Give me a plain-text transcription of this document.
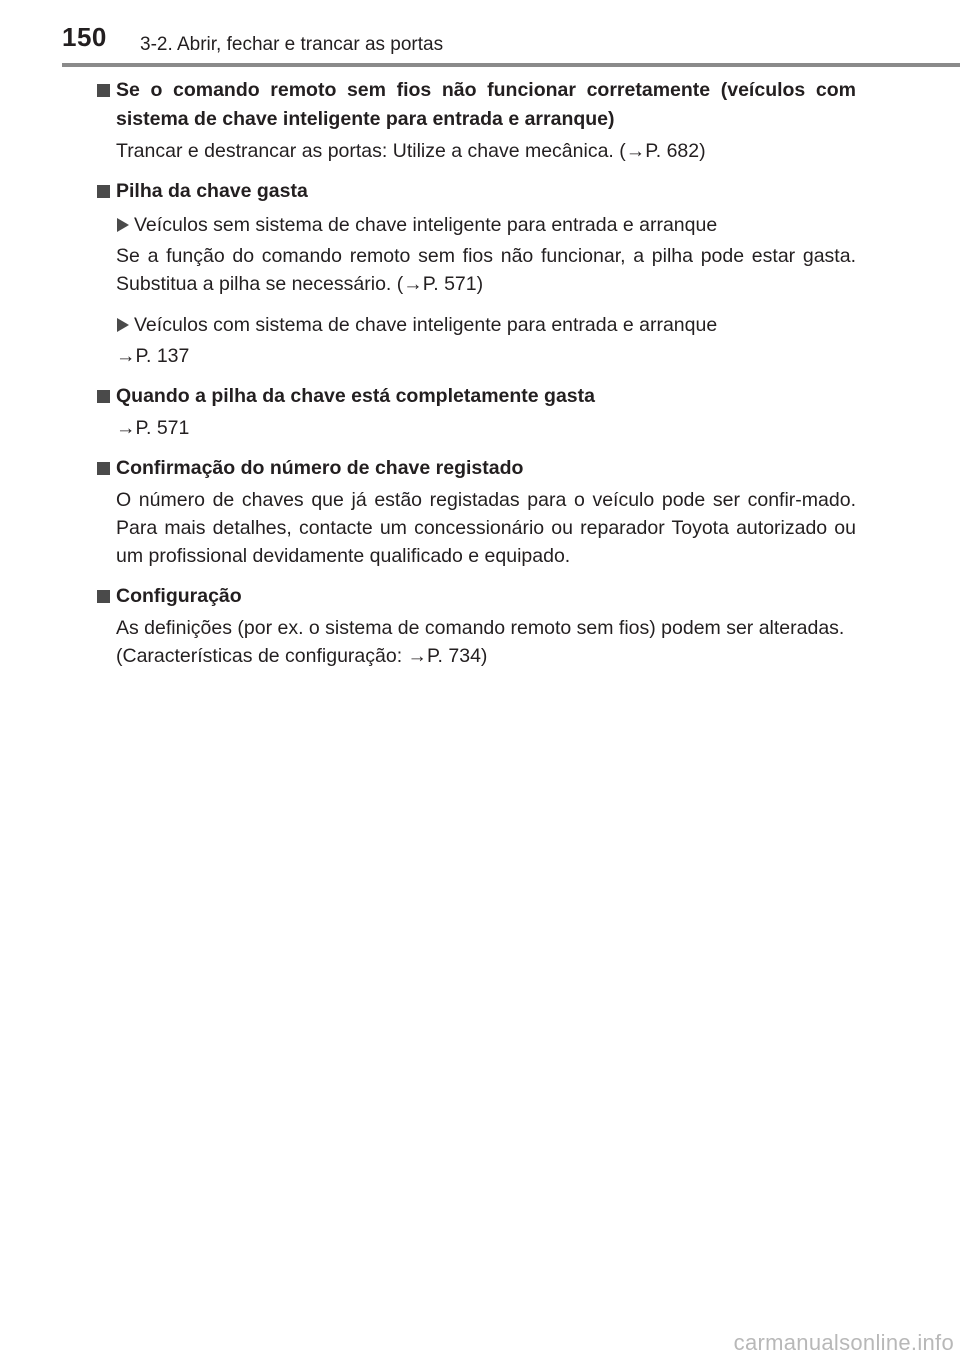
150 3-2. Abrir, fechar e trancar as portas
Se o comando remoto sem fios não funcionar corretamente (veículos com sistema de chave inteligente para entrada e arranque)
Trancar e destrancar as portas: Utilize a chave mecânica. (→P. 682)
Pilha da chave gasta
Veículos sem sistema de chave inteligente para entrada e arranque
Se a função do comando remoto sem fios não funcionar, a pilha pode estar gasta. Substitua a pilha se necessário. (→P. 571)
Veículos com sistema de chave inteligente para entrada e arranque
→P. 137
Quando a pilha da chave está completamente gasta
→P. 571
Confirmação do número de chave registado
O número de chaves que já estão registadas para o veículo pode ser confir-mado. Para mais detalhes, contacte um concessionário ou reparador Toyota autorizado ou um profissional devidamente qualificado e equipado.
Configuração
As definições (por ex. o sistema de comando remoto sem fios) podem ser alteradas.
(Características de configuração: →P. 734)
carmanualsonline.info
